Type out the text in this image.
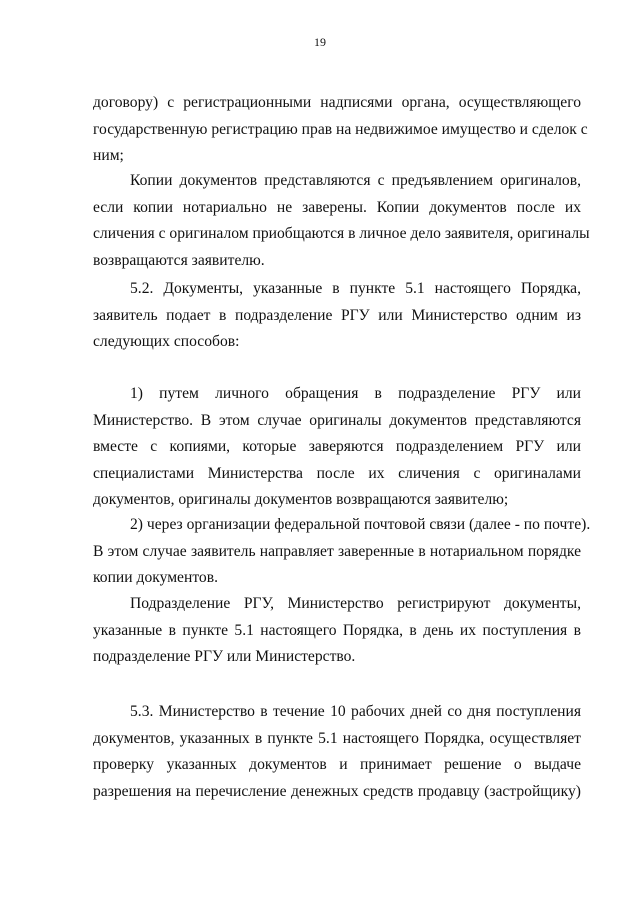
19
договору) с регистрационными надписями органа, осуществляющего
государственную регистрацию прав на недвижимое имущество и сделок с
ним;
Копии документов представляются с предъявлением оригиналов,
если копии нотариально не заверены. Копии документов после их
сличения с оригиналом приобщаются в личное дело заявителя, оригиналы
возвращаются заявителю.
5.2. Документы, указанные в пункте 5.1 настоящего Порядка,
заявитель подает в подразделение РГУ или Министерство одним из
следующих способов:
1) путем личного обращения в подразделение РГУ или
Министерство. В этом случае оригиналы документов представляются
вместе с копиями, которые заверяются подразделением РГУ или
специалистами Министерства после их сличения с оригиналами
документов, оригиналы документов возвращаются заявителю;
2) через организации федеральной почтовой связи (далее - по почте).
В этом случае заявитель направляет заверенные в нотариальном порядке
копии документов.
Подразделение РГУ, Министерство регистрируют документы,
указанные в пункте 5.1 настоящего Порядка, в день их поступления в
подразделение РГУ или Министерство.
5.3. Министерство в течение 10 рабочих дней со дня поступления
документов, указанных в пункте 5.1 настоящего Порядка, осуществляет
проверку указанных документов и принимает решение о выдаче
разрешения на перечисление денежных средств продавцу (застройщику)
